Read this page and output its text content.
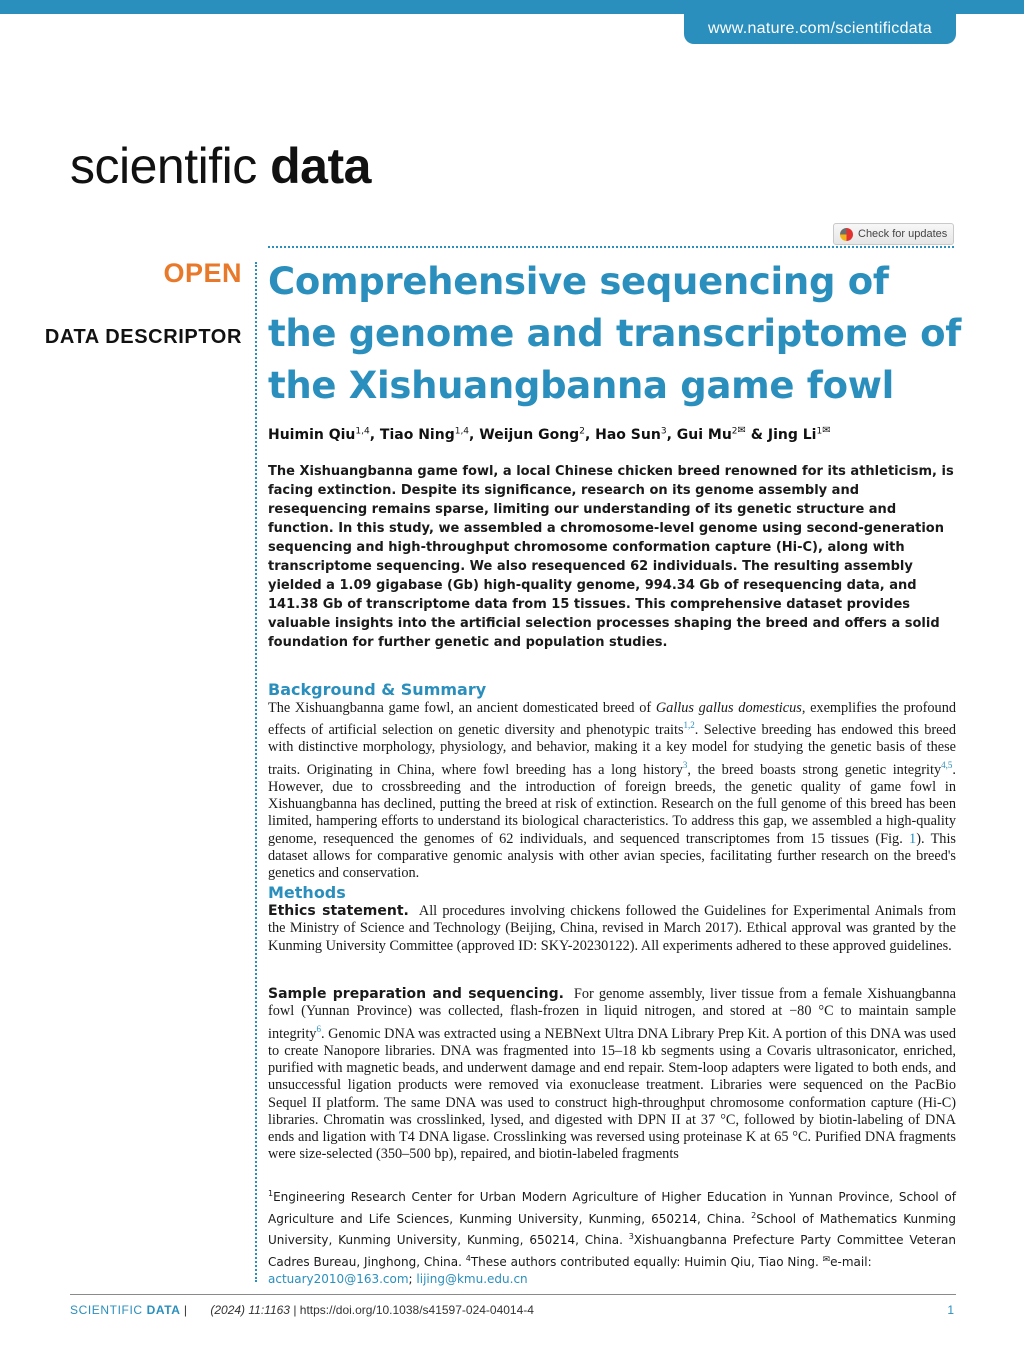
www.nature.com/scientificdata
scientific data
Check for updates
OPEN
DATA DESCRIPTOR
Comprehensive sequencing of the genome and transcriptome of the Xishuangbanna game fowl
Huimin Qiu$^{1,4}$, Tiao Ning$^{1,4}$, Weijun Gong$^2$, Hao Sun$^3$, Gui Mu$^2$✉ & Jing Li$^1$✉

The Xishuangbanna game fowl, a local Chinese chicken breed renowned for its athleticism, is facing extinction. Despite its significance, research on its genome assembly and resequencing remains sparse, limiting our understanding of its genetic structure and function. In this study, we assembled a chromosome-level genome using second-generation sequencing and high-throughput chromosome conformation capture (Hi-C), along with transcriptome sequencing. We also resequenced 62 individuals. The resulting assembly yielded a 1.09 gigabase (Gb) high-quality genome, 994.34 Gb of resequencing data, and 141.38 Gb of transcriptome data from 15 tissues. This comprehensive dataset provides valuable insights into the artificial selection processes shaping the breed and offers a solid foundation for further genetic and population studies.

Background & Summary

The Xishuangbanna game fowl, an ancient domesticated breed of Gallus gallus domesticus, exemplifies the profound effects of artificial selection on genetic diversity and phenotypic traits$^{1,2}$. Selective breeding has endowed this breed with distinctive morphology, physiology, and behavior, making it a key model for studying the genetic basis of these traits. Originating in China, where fowl breeding has a long history$^3$, the breed boasts strong genetic integrity$^{4,5}$. However, due to crossbreeding and the introduction of foreign breeds, the genetic quality of game fowl in Xishuangbanna has declined, putting the breed at risk of extinction. Research on the full genome of this breed has been limited, hampering efforts to understand its biological characteristics. To address this gap, we assembled a high-quality genome, resequenced the genomes of 62 individuals, and sequenced transcriptomes from 15 tissues (Fig. 1). This dataset allows for comparative genomic analysis with other avian species, facilitating further research on the breed's genetics and conservation.

Methods

Ethics statement. All procedures involving chickens followed the Guidelines for Experimental Animals from the Ministry of Science and Technology (Beijing, China, revised in March 2017). Ethical approval was granted by the Kunming University Committee (approved ID: SKY-20230122). All experiments adhered to these approved guidelines.

Sample preparation and sequencing. For genome assembly, liver tissue from a female Xishuangbanna fowl (Yunnan Province) was collected, flash-frozen in liquid nitrogen, and stored at −80 °C to maintain sample integrity$^6$. Genomic DNA was extracted using a NEBNext Ultra DNA Library Prep Kit. A portion of this DNA was used to create Nanopore libraries. DNA was fragmented into 15–18 kb segments using a Covaris ultrasonicator, enriched, purified with magnetic beads, and underwent damage and end repair. Stem-loop adapters were ligated to both ends, and unsuccessful ligation products were removed via exonuclease treatment. Libraries were sequenced on the PacBio Sequel II platform. The same DNA was used to construct high-throughput chromosome conformation capture (Hi-C) libraries. Chromatin was crosslinked, lysed, and digested with DPN II at 37 °C, followed by biotin-labeling of DNA ends and ligation with T4 DNA ligase. Crosslinking was reversed using proteinase K at 65 °C. Purified DNA fragments were size-selected (350–500 bp), repaired, and biotin-labeled fragments

$^1$Engineering Research Center for Urban Modern Agriculture of Higher Education in Yunnan Province, School of Agriculture and Life Sciences, Kunming University, Kunming, 650214, China. $^2$School of Mathematics Kunming University, Kunming University, Kunming, 650214, China. $^3$Xishuangbanna Prefecture Party Committee Veteran Cadres Bureau, Jinghong, China. $^4$These authors contributed equally: Huimin Qiu, Tiao Ning. ✉e-mail:
actuary2010@163.com; lijing@kmu.edu.cn

SCIENTIFIC DATA | (2024) 11:1163 | https://doi.org/10.1038/s41597-024-04014-4	1
